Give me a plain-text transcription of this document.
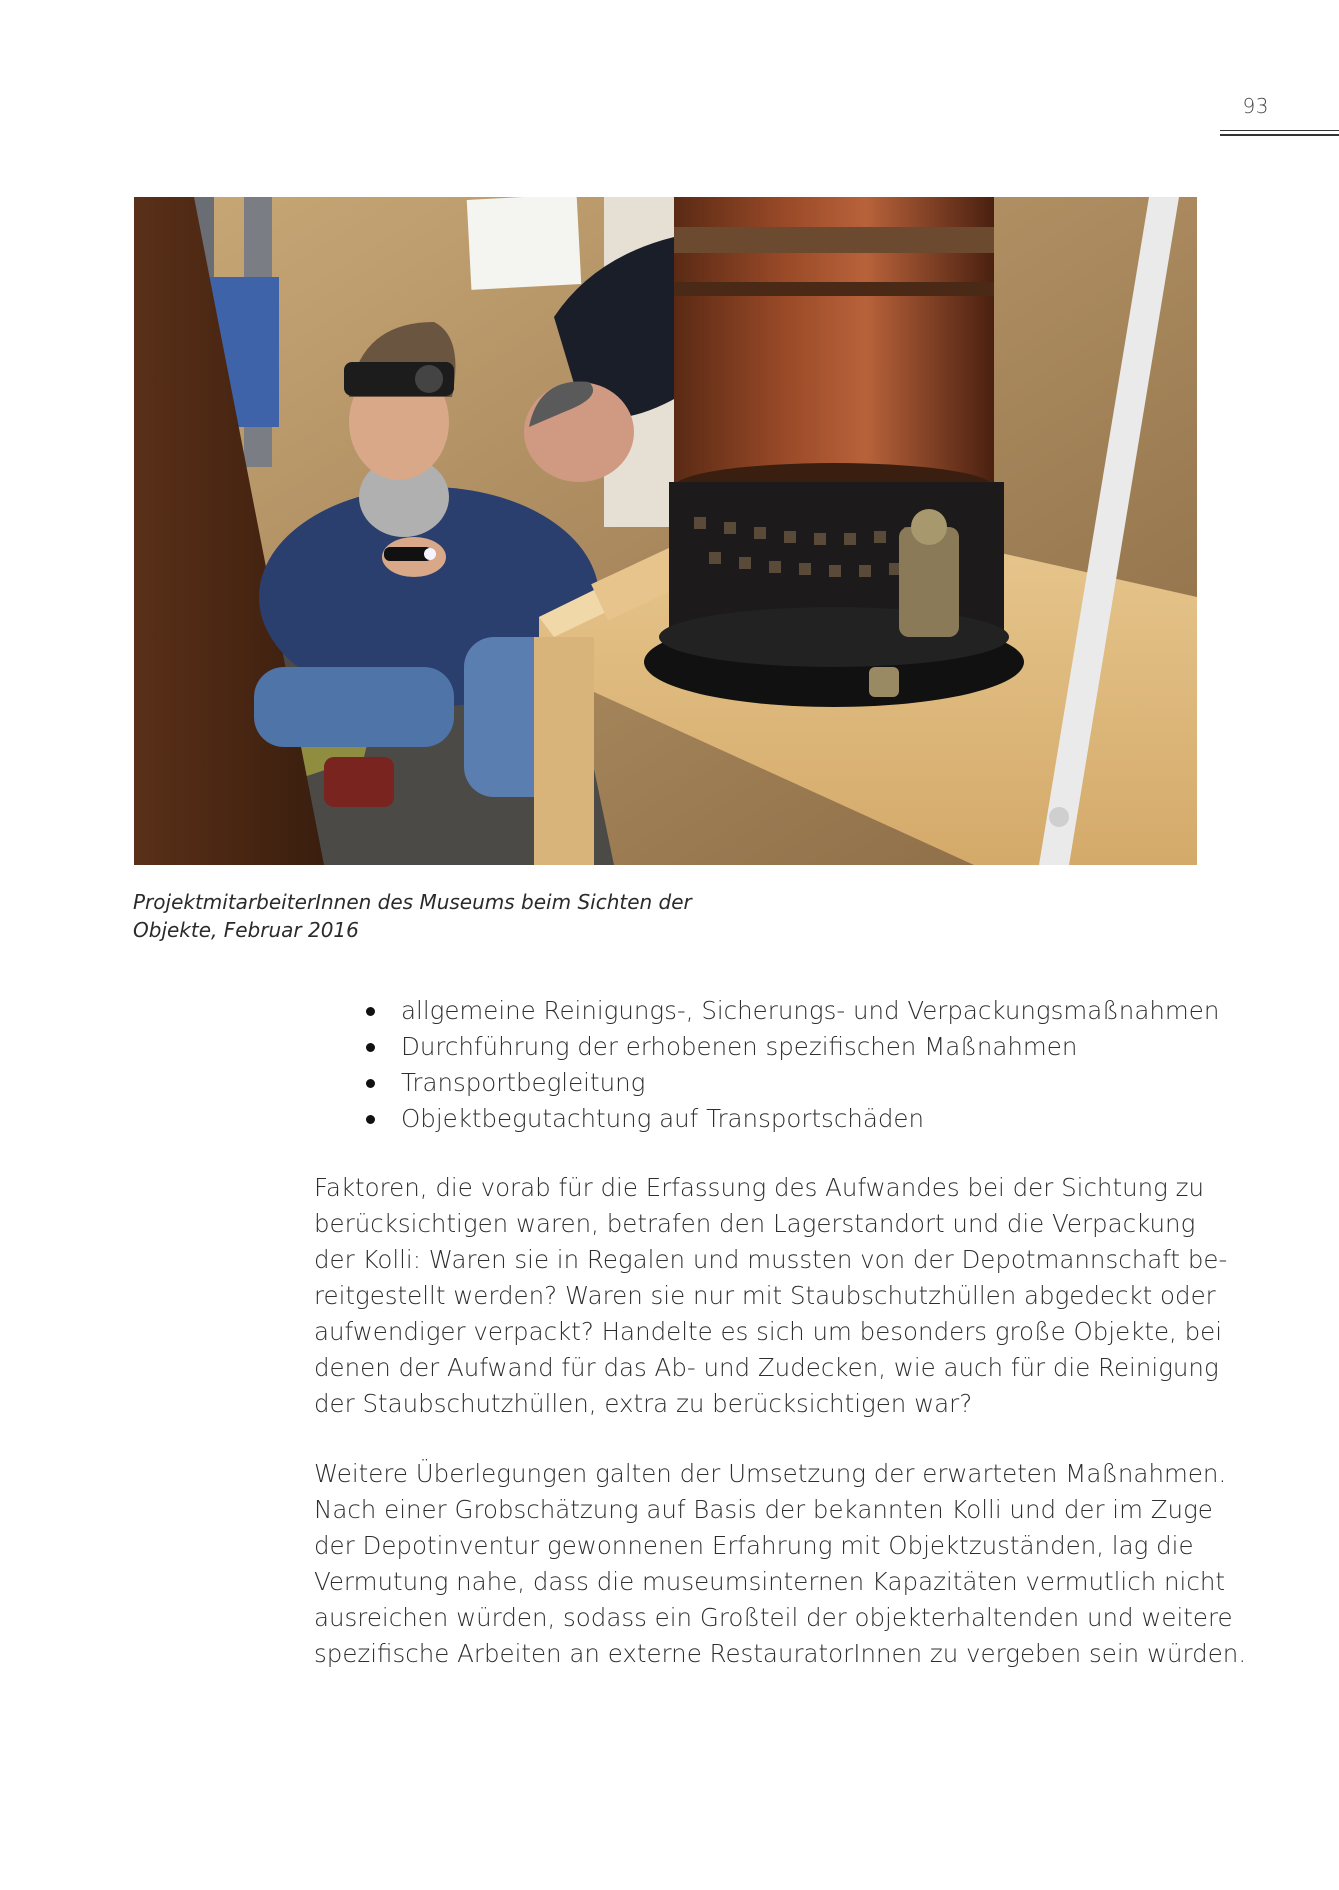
93
ProjektmitarbeiterInnen des Museums beim Sichten der
Objekte, Februar 2016
allgemeine Reinigungs-, Sicherungs- und Verpackungsmaßnahmen
Durchführung der erhobenen spezifischen Maßnahmen
Transportbegleitung
Objektbegutachtung auf Transportschäden
Faktoren, die vorab für die Erfassung des Aufwandes bei der Sichtung zu
berücksichtigen waren, betrafen den Lagerstandort und die Verpackung
der Kolli: Waren sie in Regalen und mussten von der Depotmannschaft be-
reitgestellt werden? Waren sie nur mit Staubschutzhüllen abgedeckt oder
aufwendiger verpackt? Handelte es sich um besonders große Objekte, bei
denen der Aufwand für das Ab- und Zudecken, wie auch für die Reinigung
der Staubschutzhüllen, extra zu berücksichtigen war?
Weitere Überlegungen galten der Umsetzung der erwarteten Maßnahmen.
Nach einer Grobschätzung auf Basis der bekannten Kolli und der im Zuge
der Depotinventur gewonnenen Erfahrung mit Objektzuständen, lag die
Vermutung nahe, dass die museumsinternen Kapazitäten vermutlich nicht
ausreichen würden, sodass ein Großteil der objekterhaltenden und weitere
spezifische Arbeiten an externe RestauratorInnen zu vergeben sein würden.
